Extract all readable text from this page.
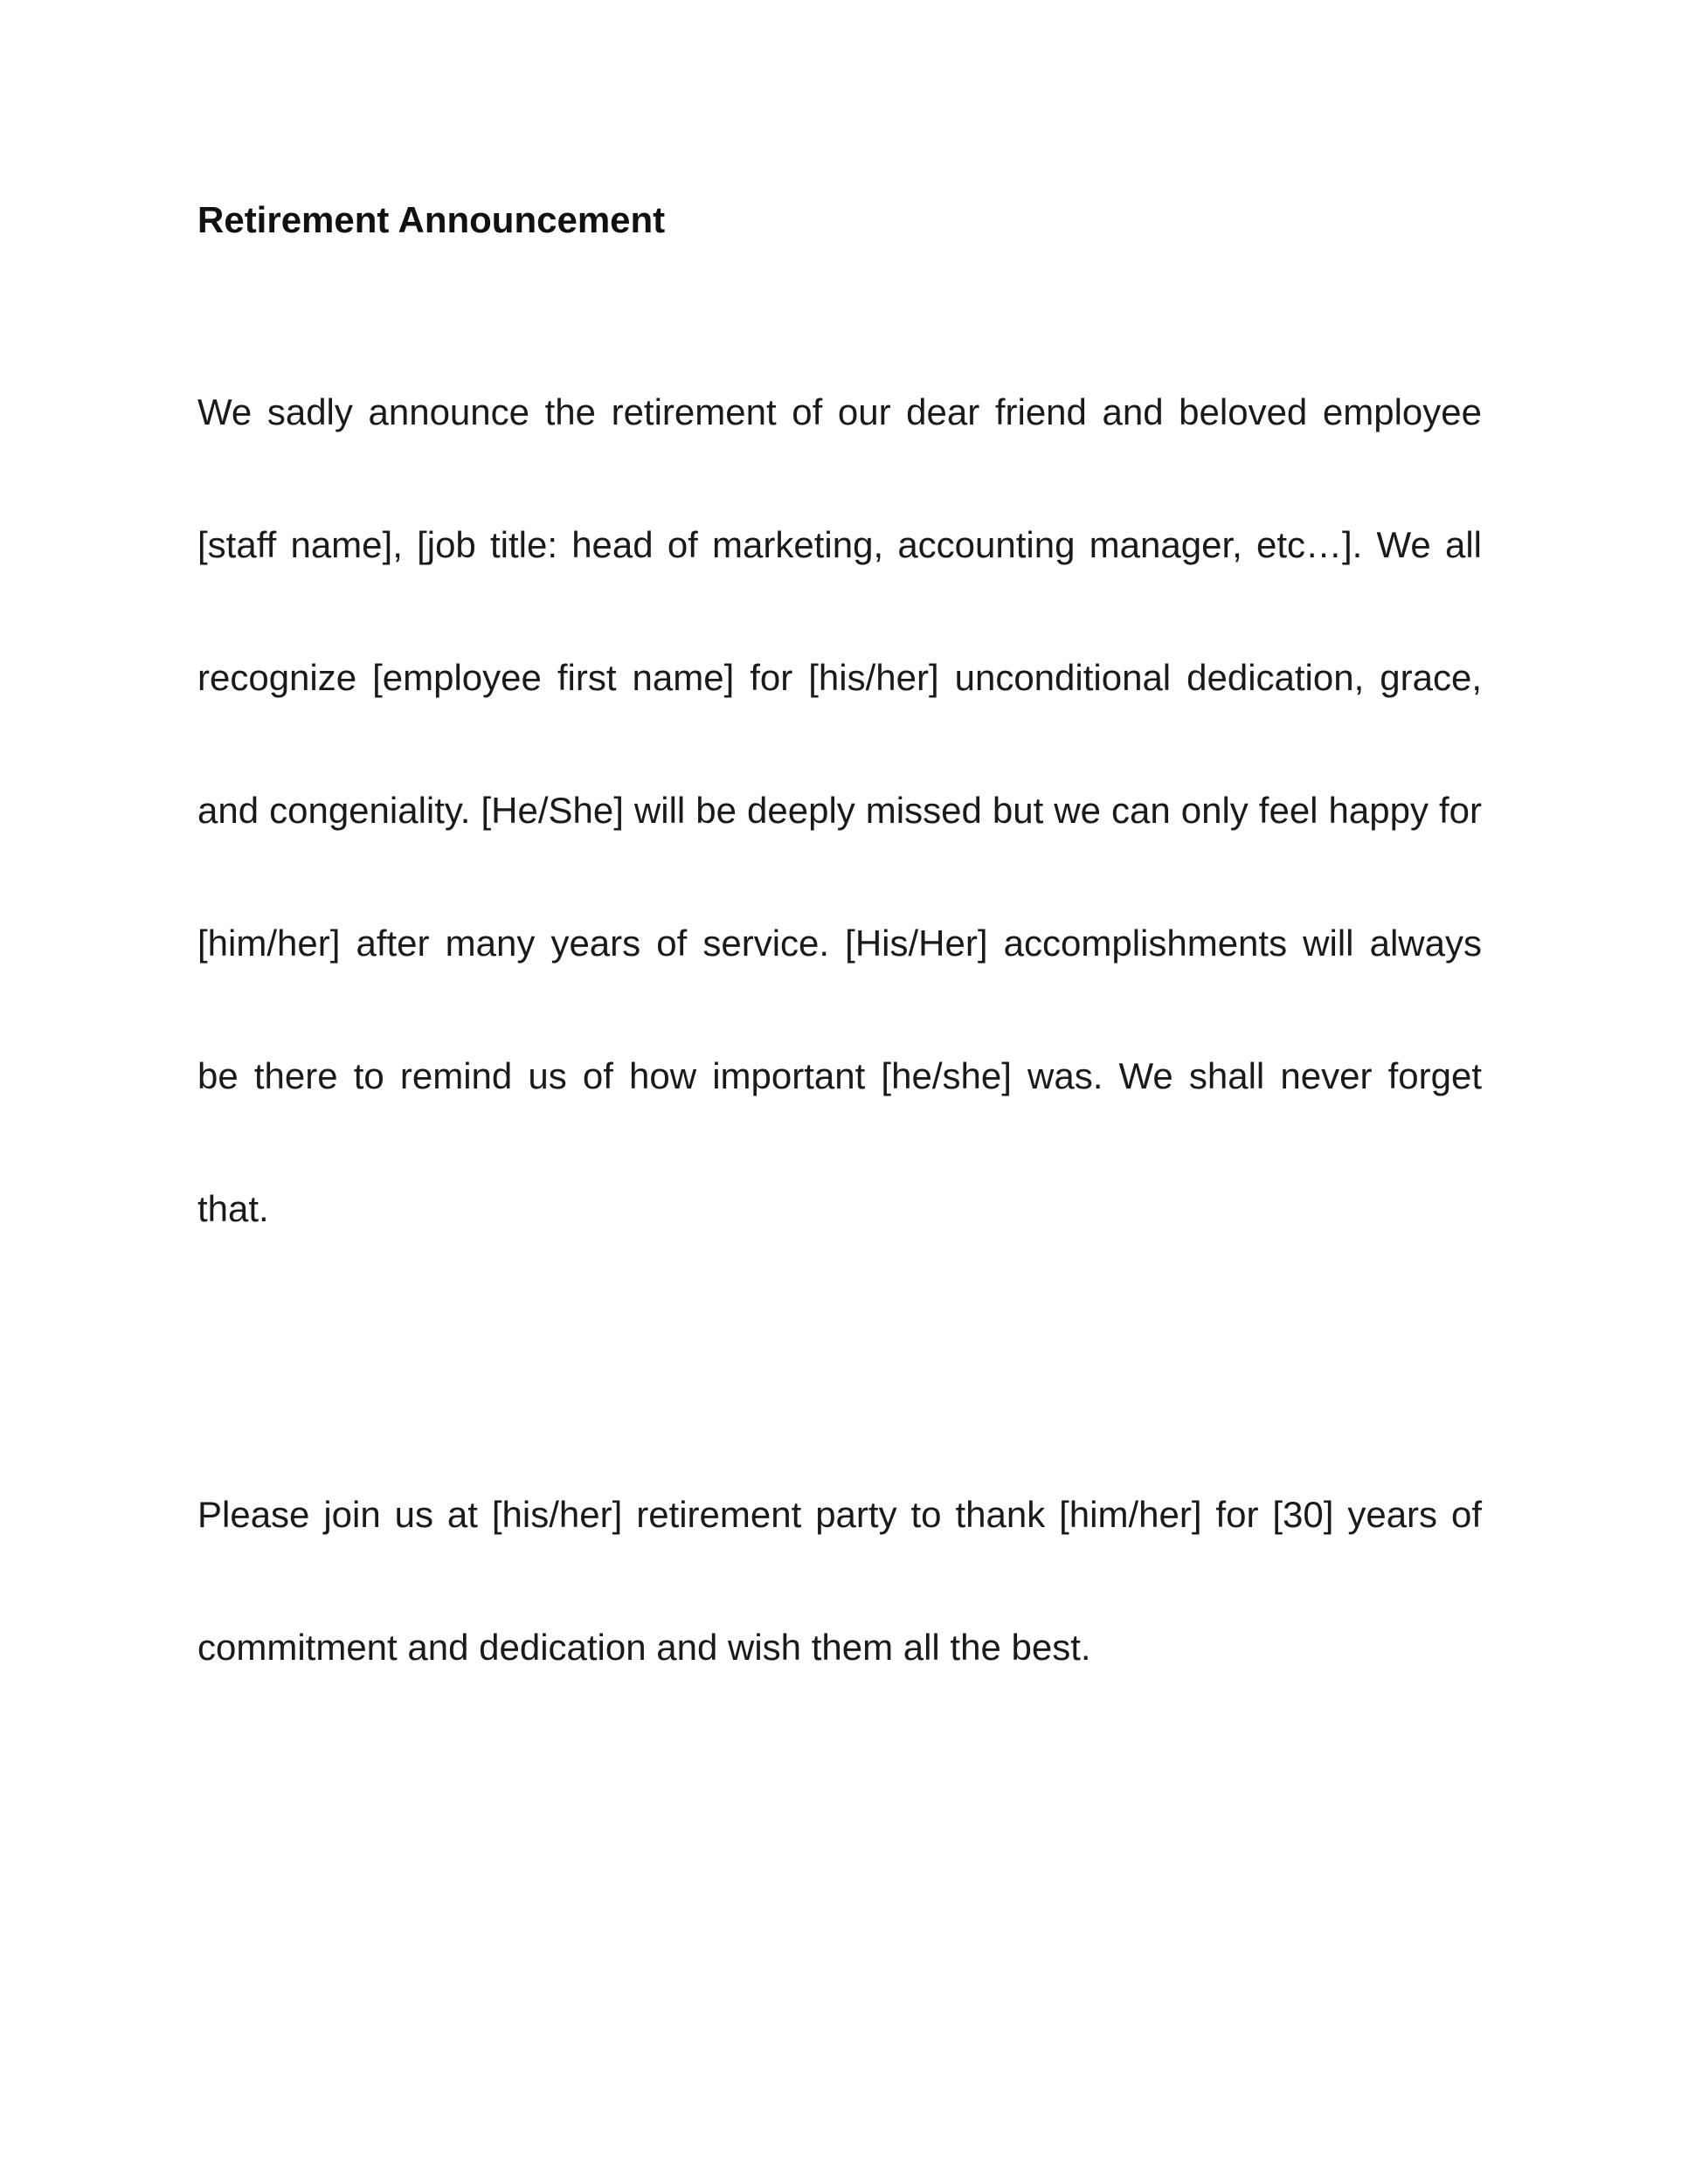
Retirement Announcement

We sadly announce the retirement of our dear friend and beloved employee [staff name], [job title: head of marketing, accounting manager, etc…]. We all recognize [employee first name] for [his/her] unconditional dedication, grace, and congeniality. [He/She] will be deeply missed but we can only feel happy for [him/her] after many years of service. [His/Her] accomplishments will always be there to remind us of how important [he/she] was. We shall never forget that.

Please join us at [his/her] retirement party to thank [him/her] for [30] years of commitment and dedication and wish them all the best.
